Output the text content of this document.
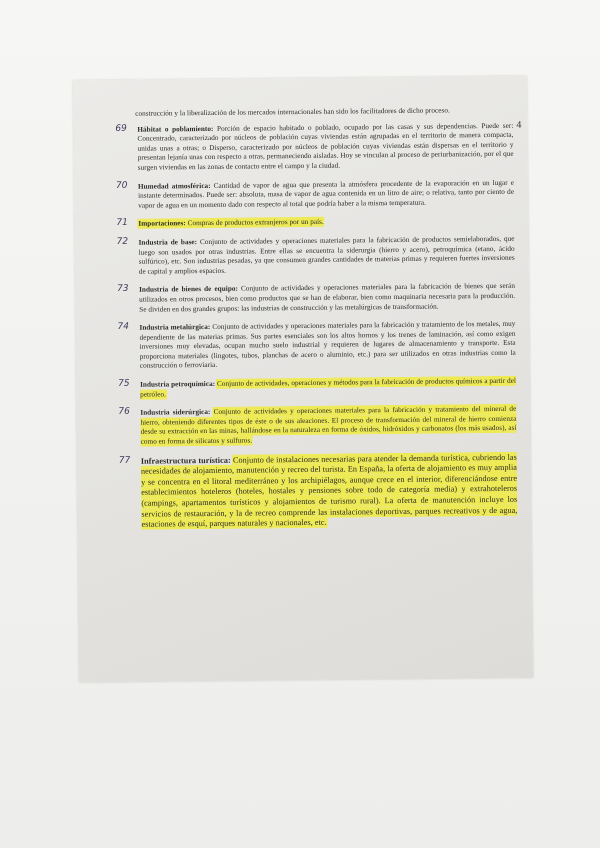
4
construcción y la liberalización de los mercados internacionales han sido los facilitadores de dicho proceso.
69 Hábitat o poblamiento: Porción de espacio habitado o poblado, ocupado por las casas y sus dependencias. Puede ser: Concentrado, caracterizado por núcleos de población cuyas viviendas están agrupadas en el territorio de manera compacta, unidas unas a otras; o Disperso, caracterizado por núcleos de población cuyas viviendas están dispersas en el territorio y presentan lejanía unas con respecto a otras, permaneciendo aisladas. Hoy se vinculan al proceso de periurbanización, por el que surgen viviendas en las zonas de contacto entre el campo y la ciudad.
70 Humedad atmosférica: Cantidad de vapor de agua que presenta la atmósfera procedente de la evaporación en un lugar e instante determinados. Puede ser: absoluta, masa de vapor de agua contenida en un litro de aire; o relativa, tanto por ciento de vapor de agua en un momento dado con respecto al total que podría haber a la misma temperatura.
71 Importaciones: Compras de productos extranjeros por un país.
72 Industria de base: Conjunto de actividades y operaciones materiales para la fabricación de productos semielaborados, que luego son usados por otras industrias. Entre ellas se encuentra la siderurgia (hierro y acero), petroquímica (etano, ácido sulfúrico), etc. Son industrias pesadas, ya que consumen grandes cantidades de materias primas y requieren fuertes inversiones de capital y amplios espacios.
73 Industria de bienes de equipo: Conjunto de actividades y operaciones materiales para la fabricación de bienes que serán utilizados en otros procesos, bien como productos que se han de elaborar, bien como maquinaria necesaria para la producción. Se dividen en dos grandes grupos: las industrias de construcción y las metalúrgicas de transformación.
74 Industria metalúrgica: Conjunto de actividades y operaciones materiales para la fabricación y tratamiento de los metales, muy dependiente de las materias primas. Sus partes esenciales son los altos hornos y los trenes de laminación, así como exigen inversiones muy elevadas, ocupan mucho suelo industrial y requieren de lugares de almacenamiento y transporte. Esta proporciona materiales (lingotes, tubos, planchas de acero o aluminio, etc.) para ser utilizados en otras industrias como la construcción o ferroviaria.
75 Industria petroquímica: Conjunto de actividades, operaciones y métodos para la fabricación de productos químicos a partir del petróleo.
76 Industria siderúrgica: Conjunto de actividades y operaciones materiales para la fabricación y tratamiento del mineral de hierro, obteniendo diferentes tipos de éste o de sus aleaciones. El proceso de transformación del mineral de hierro comienza desde su extracción en las minas, hallándose en la naturaleza en forma de óxidos, hidróxidos y carbonatos (los más usados), así como en forma de silicatos y sulfuros.
77 Infraestructura turística: Conjunto de instalaciones necesarias para atender la demanda turística, cubriendo las necesidades de alojamiento, manutención y recreo del turista. En España, la oferta de alojamiento es muy amplia y se concentra en el litoral mediterráneo y los archipiélagos, aunque crece en el interior, diferenciándose entre establecimientos hoteleros (hoteles, hostales y pensiones sobre todo de categoría media) y extrahoteleros (campings, apartamentos turísticos y alojamientos de turismo rural). La oferta de manutención incluye los servicios de restauración, y la de recreo comprende las instalaciones deportivas, parques recreativos y de agua, estaciones de esquí, parques naturales y nacionales, etc.
